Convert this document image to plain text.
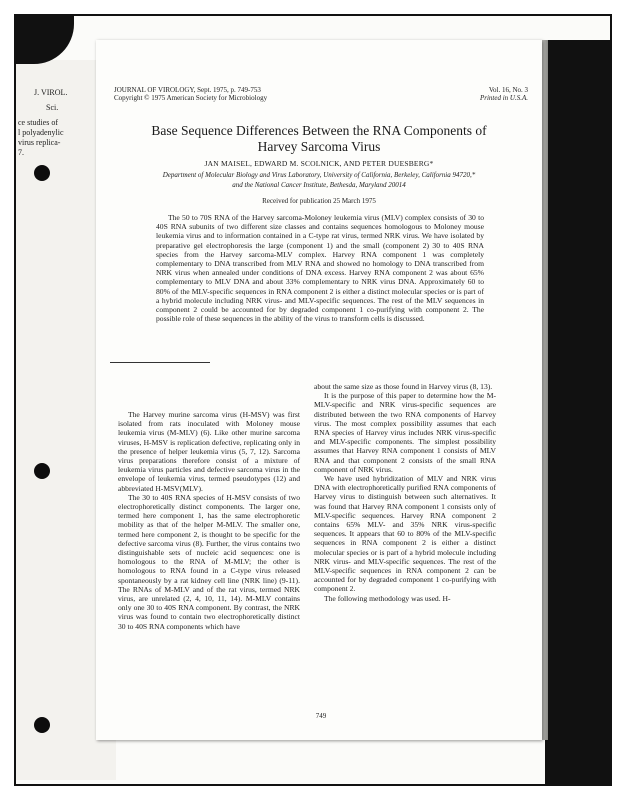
J. VIROL.
Sci.
ce studies of
l polyadenylic
virus replica-
7.
JOURNAL OF VIROLOGY, Sept. 1975, p. 749-753
Copyright © 1975 American Society for Microbiology
Vol. 16, No. 3
Printed in U.S.A.
Base Sequence Differences Between the RNA Components of
Harvey Sarcoma Virus
JAN MAISEL, EDWARD M. SCOLNICK, AND PETER DUESBERG*
Department of Molecular Biology and Virus Laboratory, University of California, Berkeley, California 94720,*
and the National Cancer Institute, Bethesda, Maryland 20014
Received for publication 25 March 1975
The 50 to 70S RNA of the Harvey sarcoma-Moloney leukemia virus (MLV) complex consists of 30 to 40S RNA subunits of two different size classes and contains sequences homologous to Moloney mouse leukemia virus and to information contained in a C-type rat virus, termed NRK virus. We have isolated by preparative gel electrophoresis the large (component 1) and the small (component 2) 30 to 40S RNA species from the Harvey sarcoma-MLV complex. Harvey RNA component 1 was completely complementary to DNA transcribed from MLV RNA and showed no homology to DNA transcribed from NRK virus when annealed under conditions of DNA excess. Harvey RNA component 2 was about 65% complementary to MLV DNA and about 33% complementary to NRK virus DNA. Approximately 60 to 80% of the MLV-specific sequences in RNA component 2 is either a distinct molecular species or is part of a hybrid molecule including NRK virus- and MLV-specific sequences. The rest of the MLV sequences in component 2 could be accounted for by degraded component 1 co-purifying with component 2. The possible role of these sequences in the ability of the virus to transform cells is discussed.

The Harvey murine sarcoma virus (H-MSV) was first isolated from rats inoculated with Moloney mouse leukemia virus (M-MLV) (6). Like other murine sarcoma viruses, H-MSV is replication defective, replicating only in the presence of helper leukemia virus (5, 7, 12). Sarcoma virus preparations therefore consist of a mixture of leukemia virus particles and defective sarcoma virus in the envelope of leukemia virus, termed pseudotypes (12) and abbreviated H-MSV(MLV).

The 30 to 40S RNA species of H-MSV consists of two electrophoretically distinct components. The larger one, termed here component 1, has the same electrophoretic mobility as that of the helper M-MLV. The smaller one, termed here component 2, is thought to be specific for the defective sarcoma virus (8). Further, the virus contains two distinguishable sets of nucleic acid sequences: one is homologous to the RNA of M-MLV; the other is homologous to RNA found in a C-type virus released spontaneously by a rat kidney cell line (NRK line) (9-11). The RNAs of M-MLV and of the rat virus, termed NRK virus, are unrelated (2, 4, 10, 11, 14). M-MLV contains only one 30 to 40S RNA component. By contrast, the NRK virus was found to contain two electrophoretically distinct 30 to 40S RNA components which have

about the same size as those found in Harvey virus (8, 13).

It is the purpose of this paper to determine how the M-MLV-specific and NRK virus-specific sequences are distributed between the two RNA components of Harvey virus. The most complex possibility assumes that each RNA species of Harvey virus includes NRK virus-specific and MLV-specific components. The simplest possibility assumes that Harvey RNA component 1 consists of MLV RNA and that component 2 consists of the small RNA component of NRK virus.

We have used hybridization of MLV and NRK virus DNA with electrophoretically purified RNA components of Harvey virus to distinguish between such alternatives. It was found that Harvey RNA component 1 consists only of MLV-specific sequences. Harvey RNA component 2 contains 65% MLV- and 35% NRK virus-specific sequences. It appears that 60 to 80% of the MLV-specific sequences in RNA component 2 is either a distinct molecular species or is part of a hybrid molecule including NRK virus- and MLV-specific sequences. The rest of the MLV-specific sequences in RNA component 2 can be accounted for by degraded component 1 co-purifying with component 2.

The following methodology was used. H-

749
